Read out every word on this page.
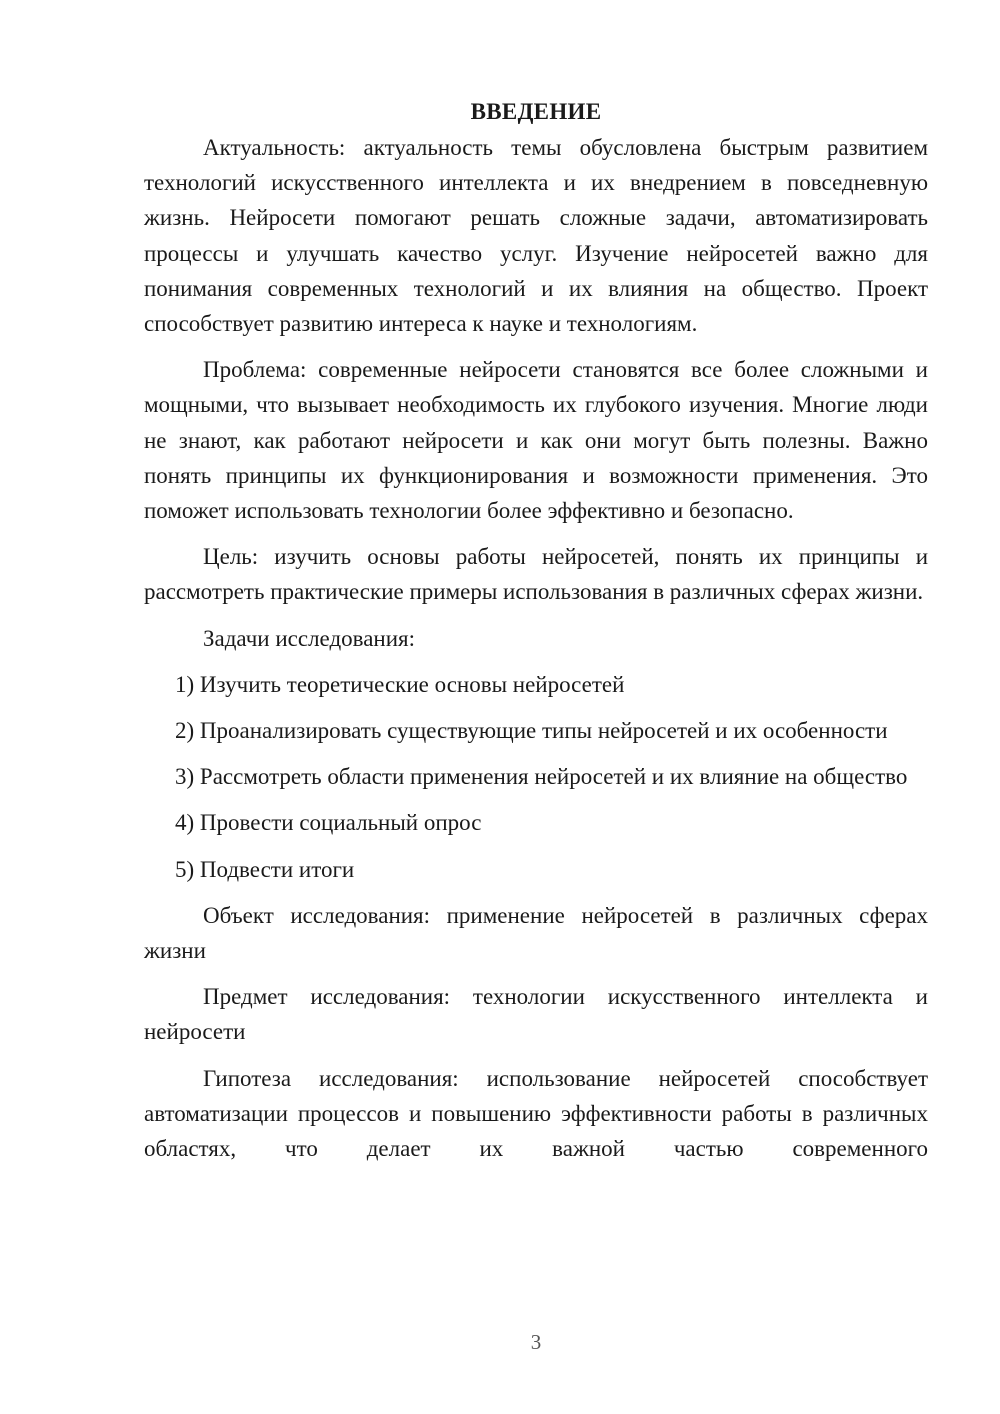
ВВЕДЕНИЕ
Актуальность: актуальность темы обусловлена быстрым развитием технологий искусственного интеллекта и их внедрением в повседневную жизнь. Нейросети помогают решать сложные задачи, автоматизировать процессы и улучшать качество услуг. Изучение нейросетей важно для понимания современных технологий и их влияния на общество. Проект способствует развитию интереса к науке и технологиям.
Проблема: современные нейросети становятся все более сложными и мощными, что вызывает необходимость их глубокого изучения. Многие люди не знают, как работают нейросети и как они могут быть полезны. Важно понять принципы их функционирования и возможности применения. Это поможет использовать технологии более эффективно и безопасно.
Цель: изучить основы работы нейросетей, понять их принципы и рассмотреть практические примеры использования в различных сферах жизни.
Задачи исследования:
1) Изучить теоретические основы нейросетей
2) Проанализировать существующие типы нейросетей и их особенности
3) Рассмотреть области применения нейросетей и их влияние на общество
4) Провести социальный опрос
5) Подвести итоги
Объект исследования: применение нейросетей в различных сферах жизни
Предмет исследования: технологии искусственного интеллекта и нейросети
Гипотеза исследования: использование нейросетей способствует автоматизации процессов и повышению эффективности работы в различных областях, что делает их важной частью современного
3
